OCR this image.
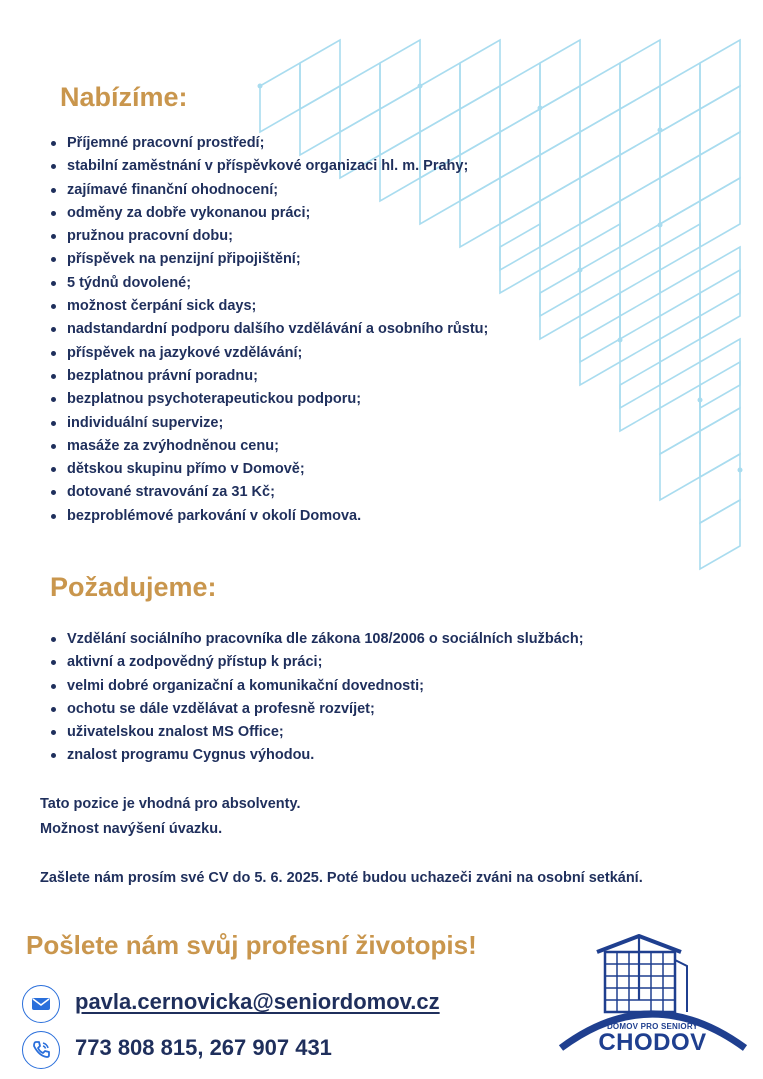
Nabízíme:
Příjemné pracovní prostředí;
stabilní zaměstnání v příspěvkové organizaci hl. m. Prahy;
zajímavé finanční ohodnocení;
odměny za dobře vykonanou práci;
pružnou pracovní dobu;
příspěvek na penzijní připojištění;
5 týdnů dovolené;
možnost čerpání sick days;
nadstandardní podporu dalšího vzdělávání a osobního růstu;
příspěvek na jazykové vzdělávání;
bezplatnou právní poradnu;
bezplatnou psychoterapeutickou podporu;
individuální supervize;
masáže za zvýhodněnou cenu;
dětskou skupinu přímo v Domově;
dotované stravování za 31 Kč;
bezproblémové parkování v okolí Domova.
Požadujeme:
Vzdělání sociálního pracovníka dle zákona 108/2006 o sociálních službách;
aktivní a zodpovědný přístup k práci;
velmi dobré organizační a komunikační dovednosti;
ochotu se dále vzdělávat a profesně rozvíjet;
uživatelskou znalost MS Office;
znalost programu Cygnus výhodou.

Tato pozice je vhodná pro absolventy.

Možnost navýšení úvazku.

Zašlete nám prosím své CV do 5. 6. 2025. Poté budou uchazeči zváni na osobní setkání.

Pošlete nám svůj profesní životopis!
pavla.cernovicka@seniordomov.cz
773 808 815, 267 907 431
DOMOV PRO SENIORY
CHODOV
